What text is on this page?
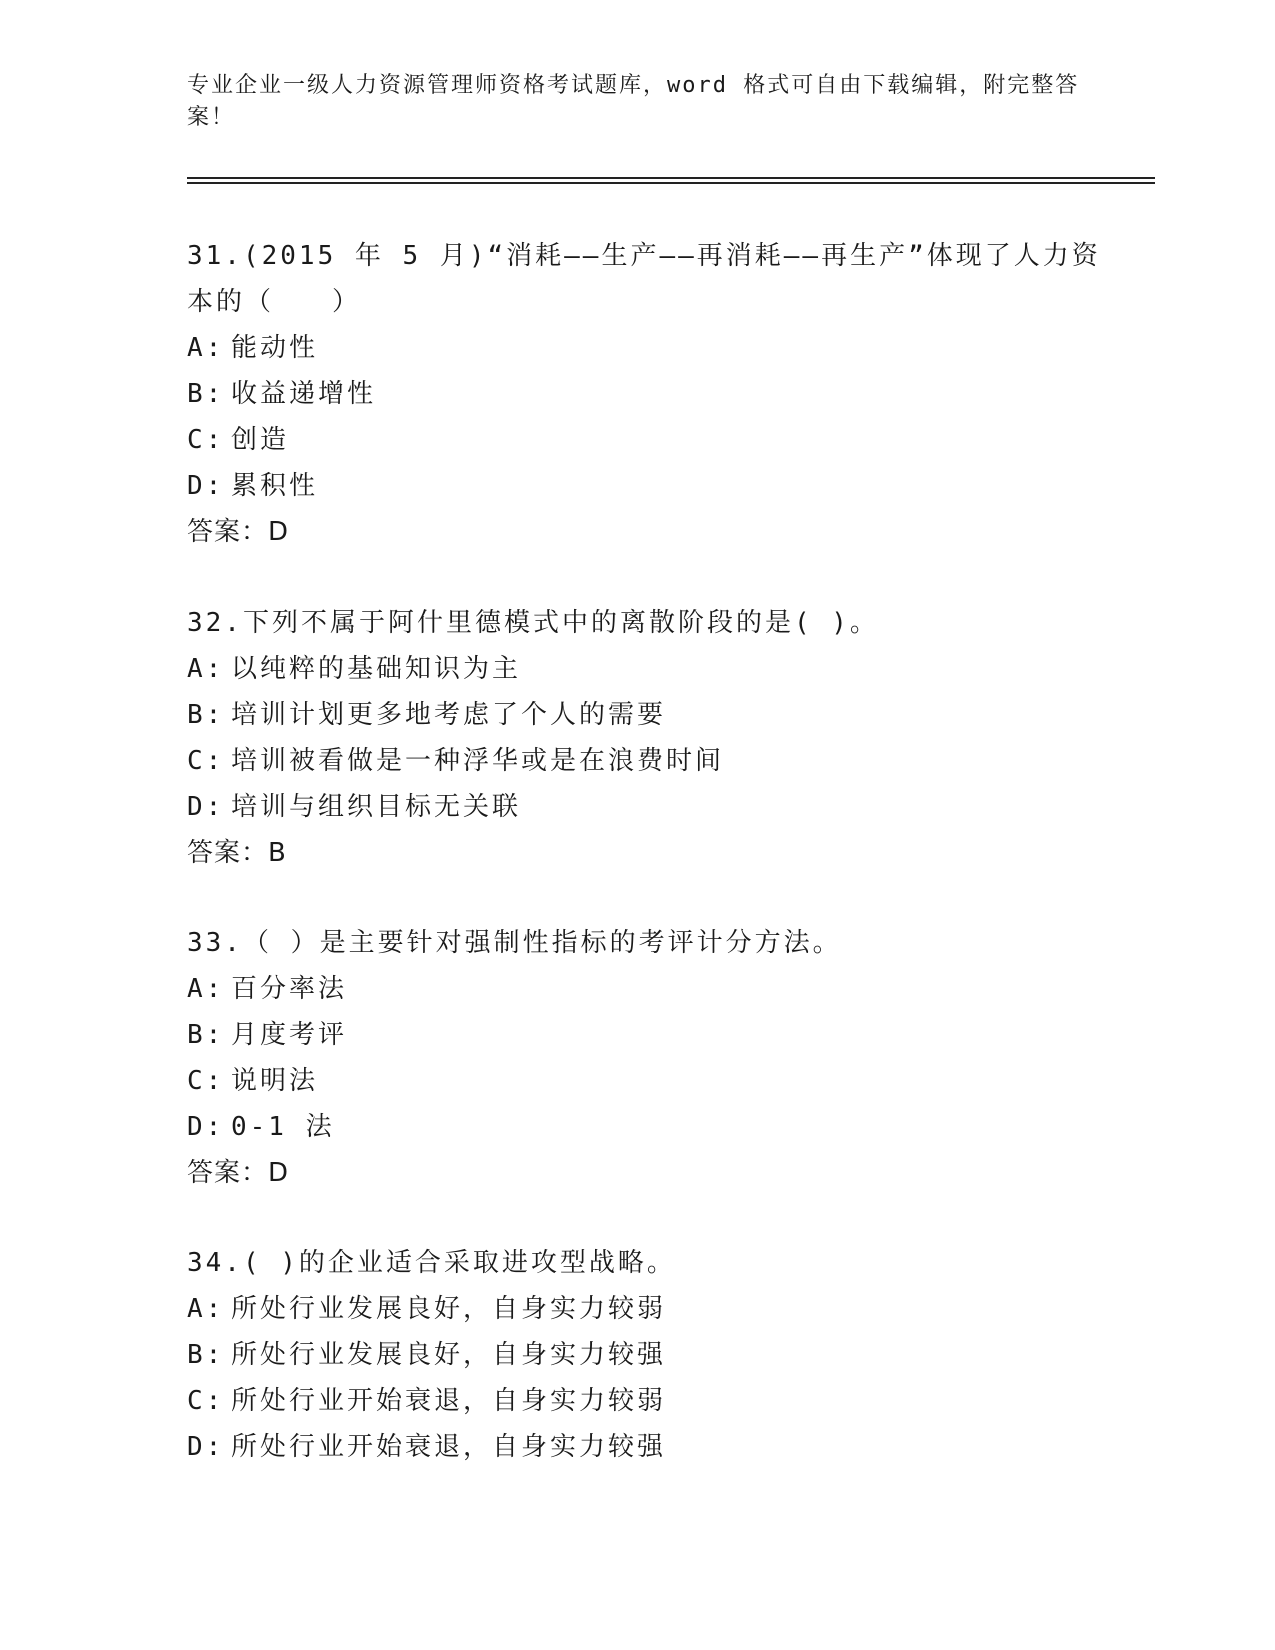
专业企业一级人力资源管理师资格考试题库，word 格式可自由下载编辑，附完整答案！
31.(2015 年 5 月)“消耗——生产——再消耗——再生产”体现了人力资本的（　　）
A: 能动性
B: 收益递增性
C: 创造
D: 累积性
答案：D
32.下列不属于阿什里德模式中的离散阶段的是( )。
A: 以纯粹的基础知识为主
B: 培训计划更多地考虑了个人的需要
C: 培训被看做是一种浮华或是在浪费时间
D: 培训与组织目标无关联
答案：B
33.（ ）是主要针对强制性指标的考评计分方法。
A: 百分率法
B: 月度考评
C: 说明法
D: 0-1 法
答案：D
34.( )的企业适合采取进攻型战略。
A: 所处行业发展良好，自身实力较弱
B: 所处行业发展良好，自身实力较强
C: 所处行业开始衰退，自身实力较弱
D: 所处行业开始衰退，自身实力较强
